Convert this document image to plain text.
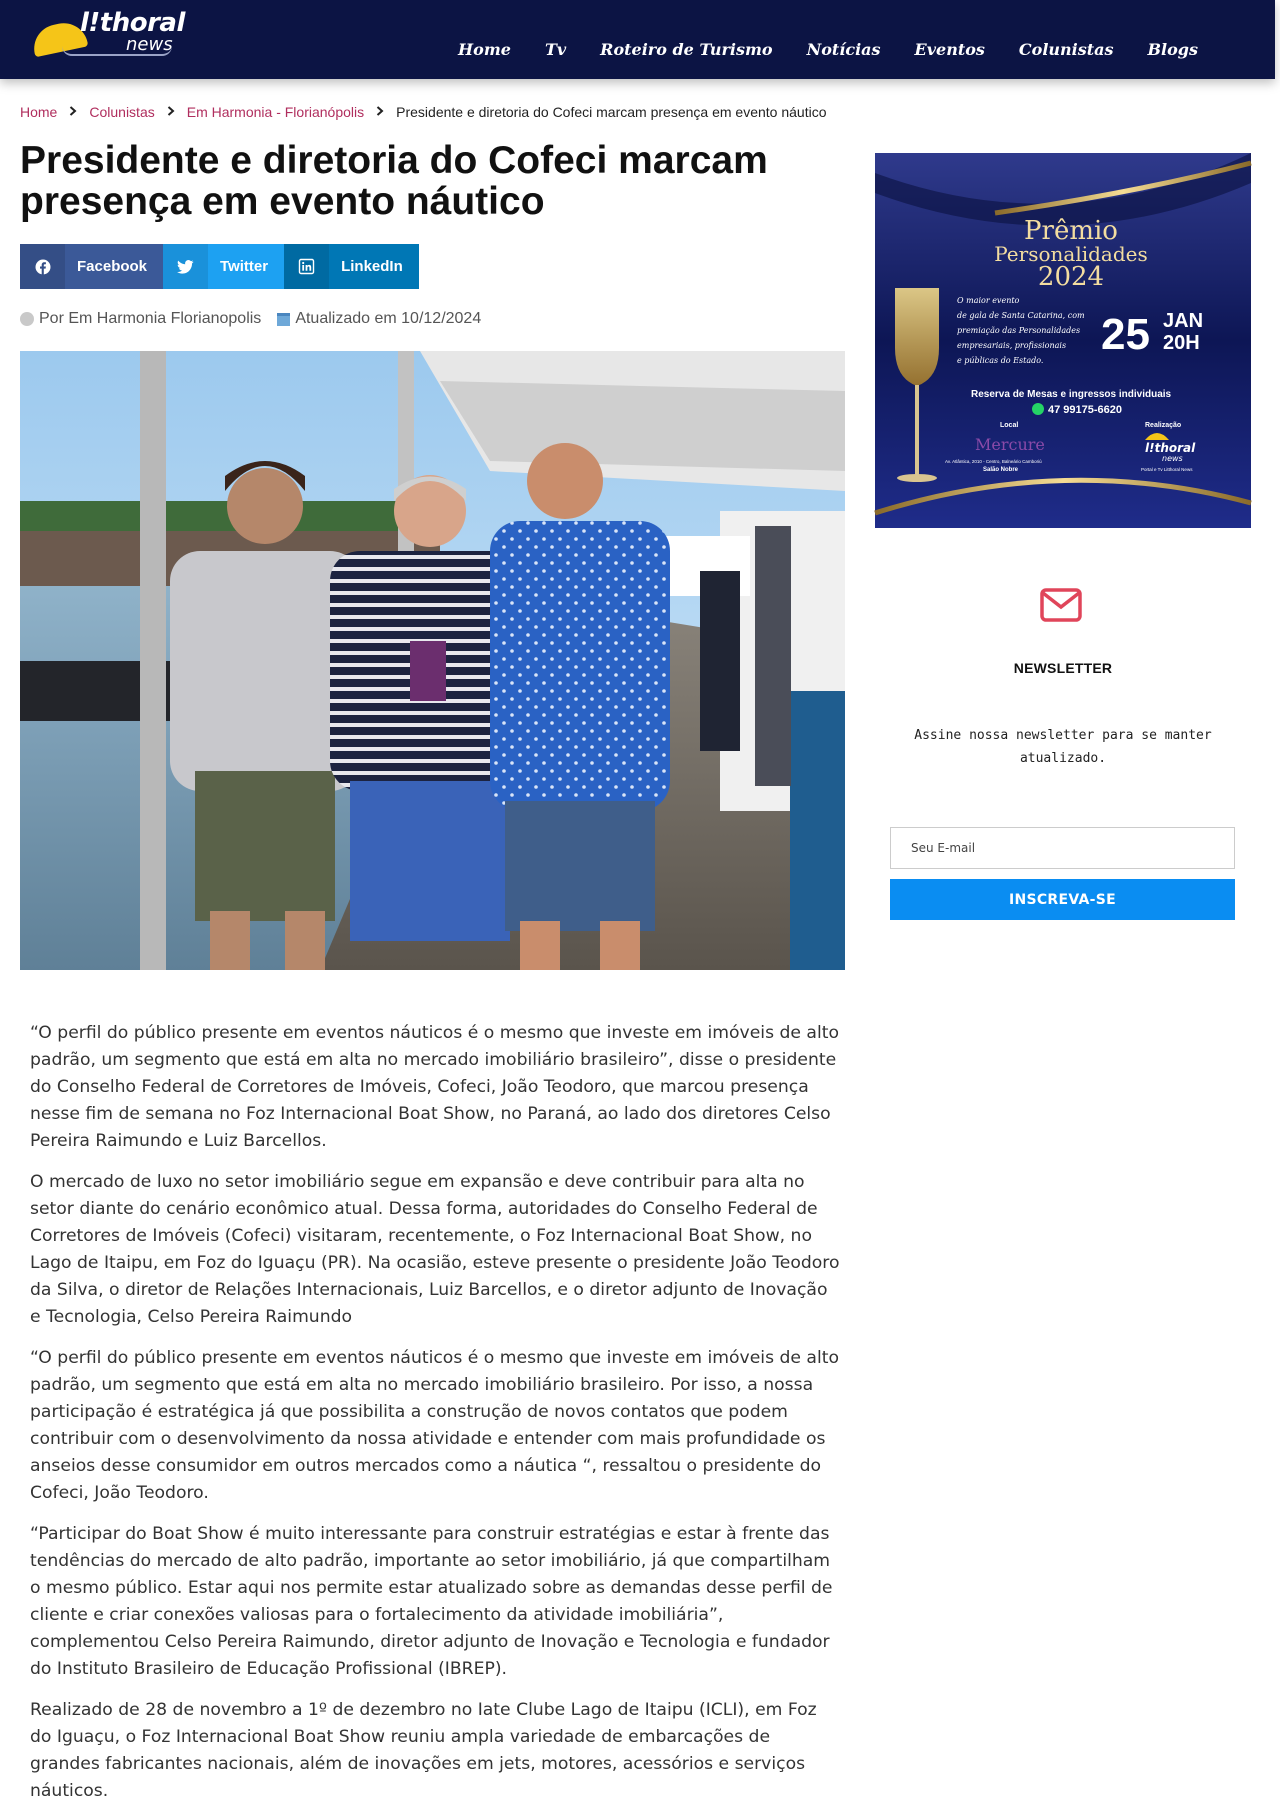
l!thoral
news	Home	Tv	Roteiro de Turismo	Notícias	Eventos	Colunistas	Blogs
Home Colunistas Em Harmonia - Florianópolis Presidente e diretoria do Cofeci marcam presença em evento náutico
Presidente e diretoria do Cofeci marcam presença em evento náutico
Facebook	Twitter	LinkedIn
Por Em Harmonia Florianopolis Atualizado em 10/12/2024

“O perfil do público presente em eventos náuticos é o mesmo que investe em imóveis de alto padrão, um segmento que está em alta no mercado imobiliário brasileiro”, disse o presidente do Conselho Federal de Corretores de Imóveis, Cofeci, João Teodoro, que marcou presença nesse fim de semana no Foz Internacional Boat Show, no Paraná, ao lado dos diretores Celso Pereira Raimundo e Luiz Barcellos.

O mercado de luxo no setor imobiliário segue em expansão e deve contribuir para alta no setor diante do cenário econômico atual. Dessa forma, autoridades do Conselho Federal de Corretores de Imóveis (Cofeci) visitaram, recentemente, o Foz Internacional Boat Show, no Lago de Itaipu, em Foz do Iguaçu (PR). Na ocasião, esteve presente o presidente João Teodoro da Silva, o diretor de Relações Internacionais, Luiz Barcellos, e o diretor adjunto de Inovação e Tecnologia, Celso Pereira Raimundo

“O perfil do público presente em eventos náuticos é o mesmo que investe em imóveis de alto padrão, um segmento que está em alta no mercado imobiliário brasileiro. Por isso, a nossa participação é estratégica já que possibilita a construção de novos contatos que podem contribuir com o desenvolvimento da nossa atividade e entender com mais profundidade os anseios desse consumidor em outros mercados como a náutica “, ressaltou o presidente do Cofeci, João Teodoro.

“Participar do Boat Show é muito interessante para construir estratégias e estar à frente das tendências do mercado de alto padrão, importante ao setor imobiliário, já que compartilham o mesmo público. Estar aqui nos permite estar atualizado sobre as demandas desse perfil de cliente e criar conexões valiosas para o fortalecimento da atividade imobiliária”, complementou Celso Pereira Raimundo, diretor adjunto de Inovação e Tecnologia e fundador do Instituto Brasileiro de Educação Profissional (IBREP).

Realizado de 28 de novembro a 1º de dezembro no Iate Clube Lago de Itaipu (ICLI), em Foz do Iguaçu, o Foz Internacional Boat Show reuniu ampla variedade de embarcações de grandes fabricantes nacionais, além de inovações em jets, motores, acessórios e serviços náuticos.

Prêmio
Personalidades
2024
O maior evento
de gala de Santa Catarina, com
premiação das Personalidades
empresariais, profissionais
e públicas do Estado.
25 JAN
20H
Reserva de Mesas e ingressos individuais
47 99175-6620
Local	Realização
Mercure
Av. Atlântica, 2010 - Centro, Balneário Camboriú
Salão Nobre
l!thoral
news
Portal e Tv Litthoral News
NEWSLETTER
Assine nossa newsletter para se manter atualizado.
Seu E-mail
INSCREVA-SE
